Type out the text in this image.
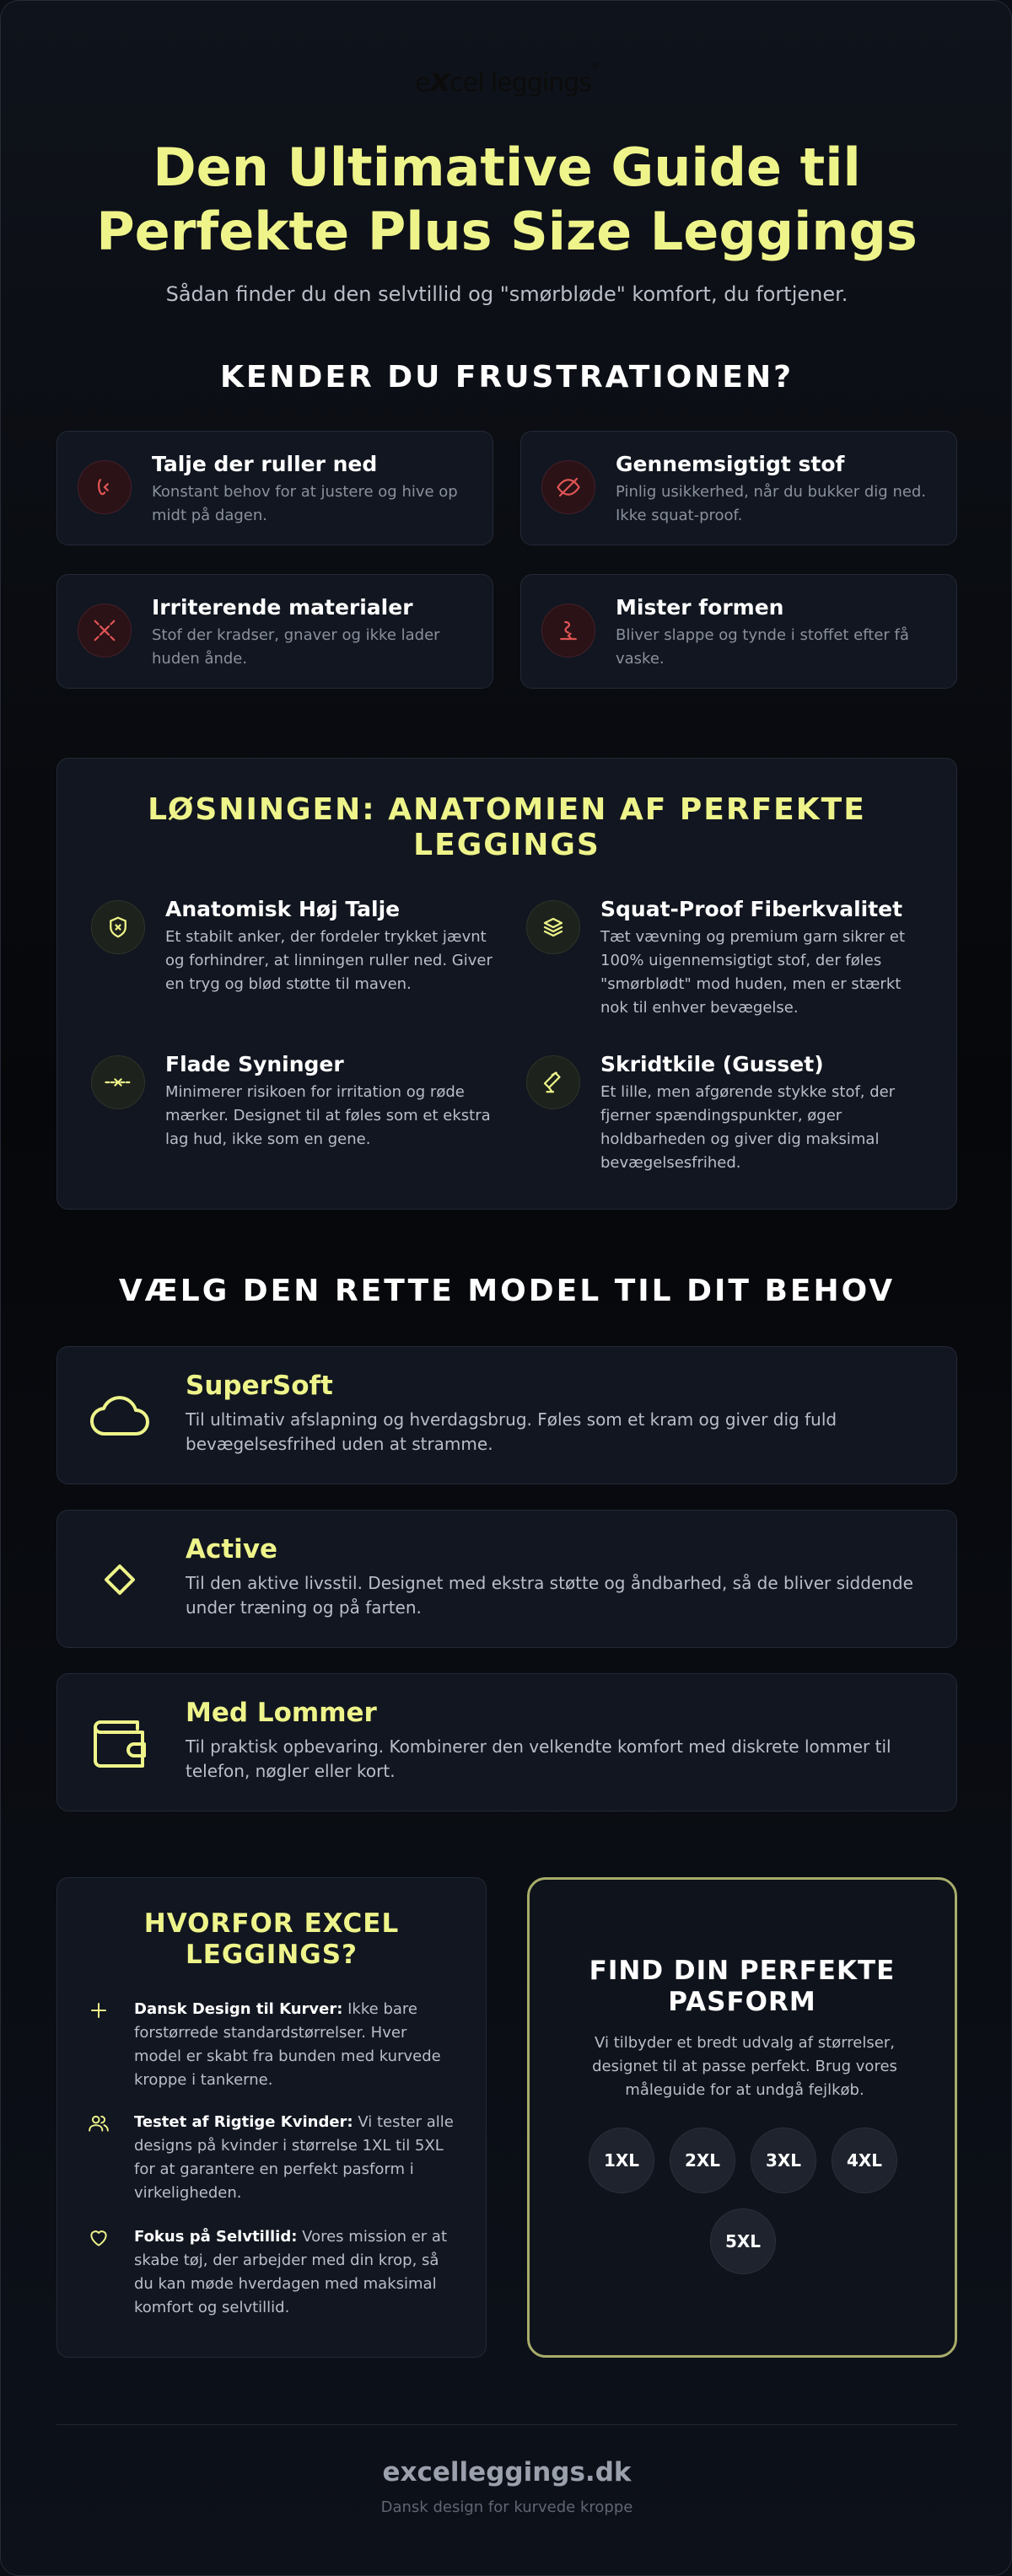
excel leggings®
Den Ultimative Guide til
Perfekte Plus Size Leggings
Sådan finder du den selvtillid og "smørbløde" komfort, du fortjener.
KENDER DU FRUSTRATIONEN?
Talje der ruller ned

Konstant behov for at justere og hive op midt på dagen.

Gennemsigtigt stof

Pinlig usikkerhed, når du bukker dig ned. Ikke squat-proof.

Irriterende materialer

Stof der kradser, gnaver og ikke lader huden ånde.

Mister formen

Bliver slappe og tynde i stoffet efter få vaske.

LØSNINGEN: ANATOMIEN AF PERFEKTE
LEGGINGS
Anatomisk Høj Talje

Et stabilt anker, der fordeler trykket jævnt og forhindrer, at linningen ruller ned. Giver en tryg og blød støtte til maven.

Squat-Proof Fiberkvalitet

Tæt vævning og premium garn sikrer et 100% uigennemsigtigt stof, der føles "smørblødt" mod huden, men er stærkt nok til enhver bevægelse.

Flade Syninger

Minimerer risikoen for irritation og røde mærker. Designet til at føles som et ekstra lag hud, ikke som en gene.

Skridtkile (Gusset)

Et lille, men afgørende stykke stof, der fjerner spændingspunkter, øger holdbarheden og giver dig maksimal bevægelsesfrihed.

VÆLG DEN RETTE MODEL TIL DIT BEHOV
SuperSoft

Til ultimativ afslapning og hverdagsbrug. Føles som et kram og giver dig fuld
bevægelsesfrihed uden at stramme.

Active

Til den aktive livsstil. Designet med ekstra støtte og åndbarhed, så de bliver siddende
under træning og på farten.

Med Lommer

Til praktisk opbevaring. Kombinerer den velkendte komfort med diskrete lommer til
telefon, nøgler eller kort.

HVORFOR EXCEL
LEGGINGS?

Dansk Design til Kurver: Ikke bare forstørrede standardstørrelser. Hver model er skabt fra bunden med kurvede kroppe i tankerne.

Testet af Rigtige Kvinder: Vi tester alle designs på kvinder i størrelse 1XL til 5XL for at garantere en perfekt pasform i virkeligheden.

Fokus på Selvtillid: Vores mission er at skabe tøj, der arbejder med din krop, så du kan møde hverdagen med maksimal komfort og selvtillid.

FIND DIN PERFEKTE
PASFORM

Vi tilbyder et bredt udvalg af størrelser, designet til at passe perfekt. Brug vores måleguide for at undgå fejlkøb.

1XL	2XL	3XL	4XL
5XL
excelleggings.dk
Dansk design for kurvede kroppe
